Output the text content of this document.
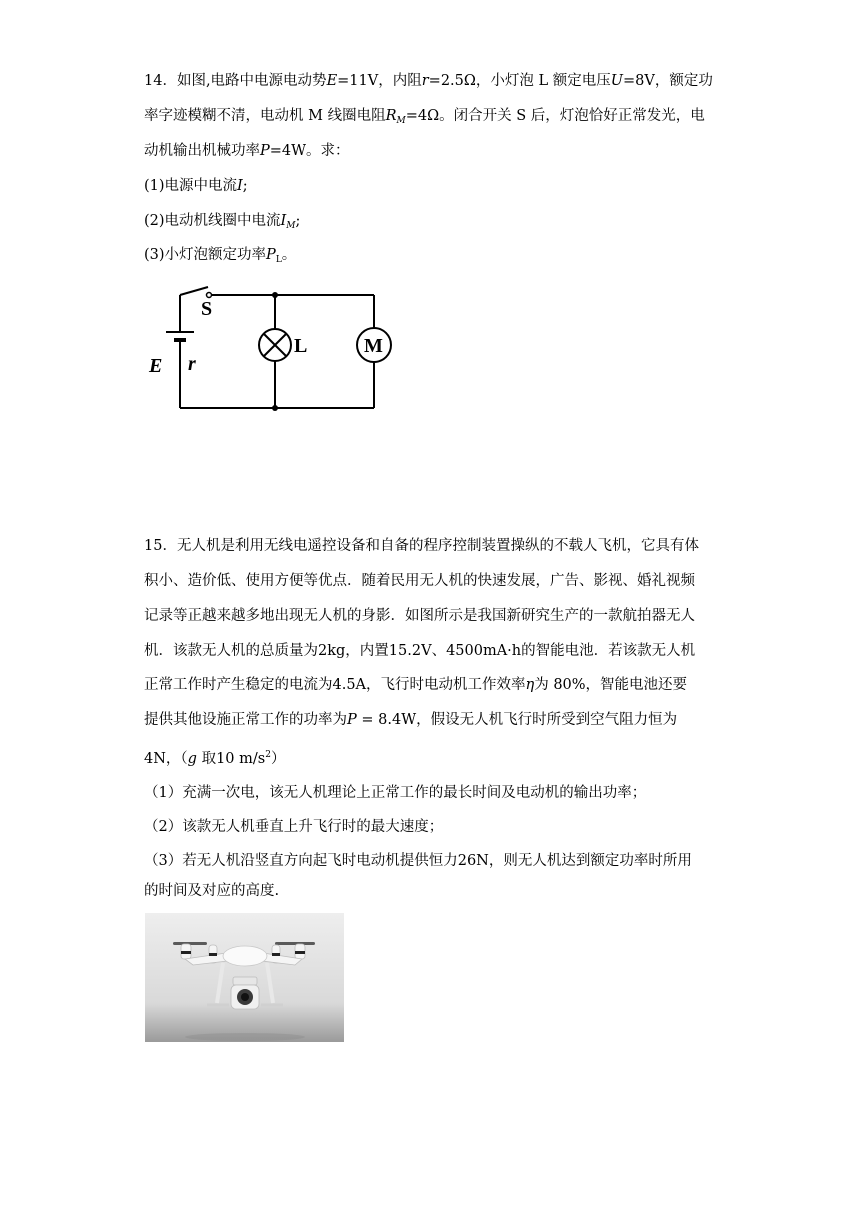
14．如图,电路中电源电动势E=11V，内阻r=2.5Ω，小灯泡 L 额定电压U=8V，额定功
率字迹模糊不清，电动机 M 线圈电阻$R_M=4\Omega$。闭合开关 S 后，灯泡恰好正常发光，电
动机输出机械功率P=4W。求：
(1)电源中电流I;
(2)电动机线圈中电流$I_M$;
(3)小灯泡额定功率$P_L$。
S
L	M
E r
15．无人机是利用无线电遥控设备和自备的程序控制装置操纵的不载人飞机，它具有体
积小、造价低、使用方便等优点．随着民用无人机的快速发展，广告、影视、婚礼视频
记录等正越来越多地出现无人机的身影．如图所示是我国新研究生产的一款航拍器无人
机．该款无人机的总质量为2kg，内置15.2V、4500mA·h的智能电池．若该款无人机
正常工作时产生稳定的电流为4.5A，飞行时电动机工作效率η为 80%，智能电池还要
提供其他设施正常工作的功率为P = 8.4W，假设无人机飞行时所受到空气阻力恒为
4N，（g 取10 $m/s^2$）
（1）充满一次电，该无人机理论上正常工作的最长时间及电动机的输出功率；
（2）该款无人机垂直上升飞行时的最大速度；
（3）若无人机沿竖直方向起飞时电动机提供恒力26N，则无人机达到额定功率时所用
的时间及对应的高度.
